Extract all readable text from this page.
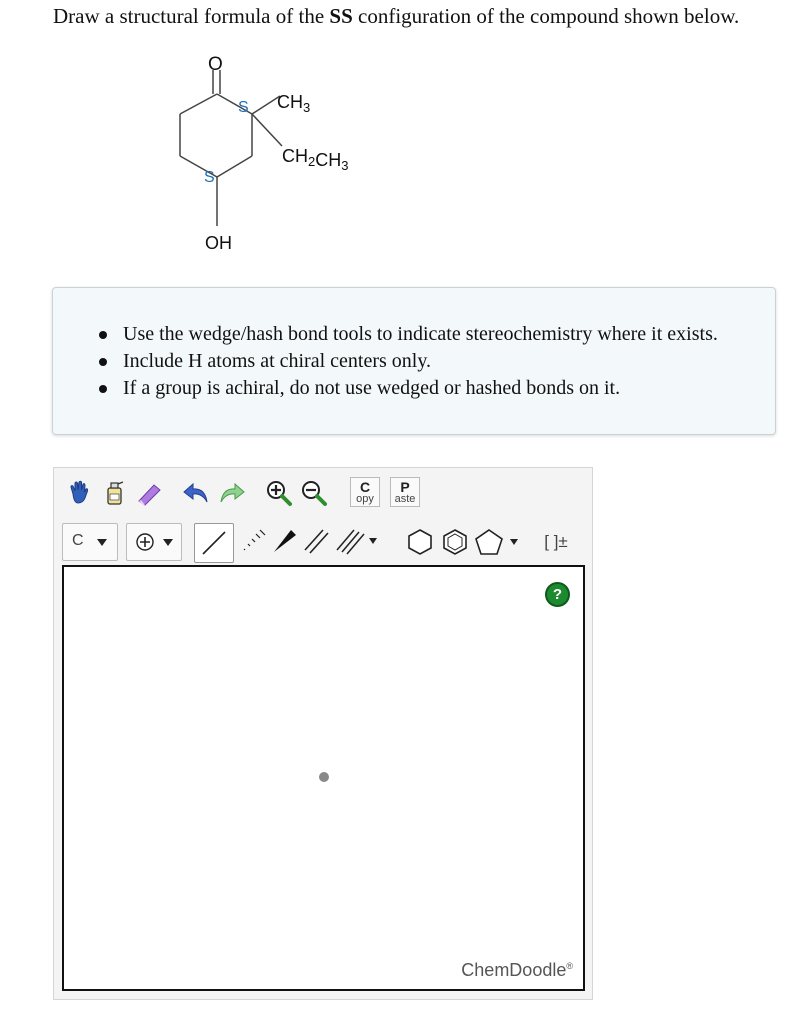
Draw a structural formula of the SS configuration of the compound shown below.
O
S
S
$CH_3$
$CH_2CH_3$
OH
Use the wedge/hash bond tools to indicate stereochemistry where it exists.
Include H atoms at chiral centers only.
If a group is achiral, do not use wedged or hashed bonds on it.
C
opy
P
aste
C	[ ]±
?
ChemDoodle®
